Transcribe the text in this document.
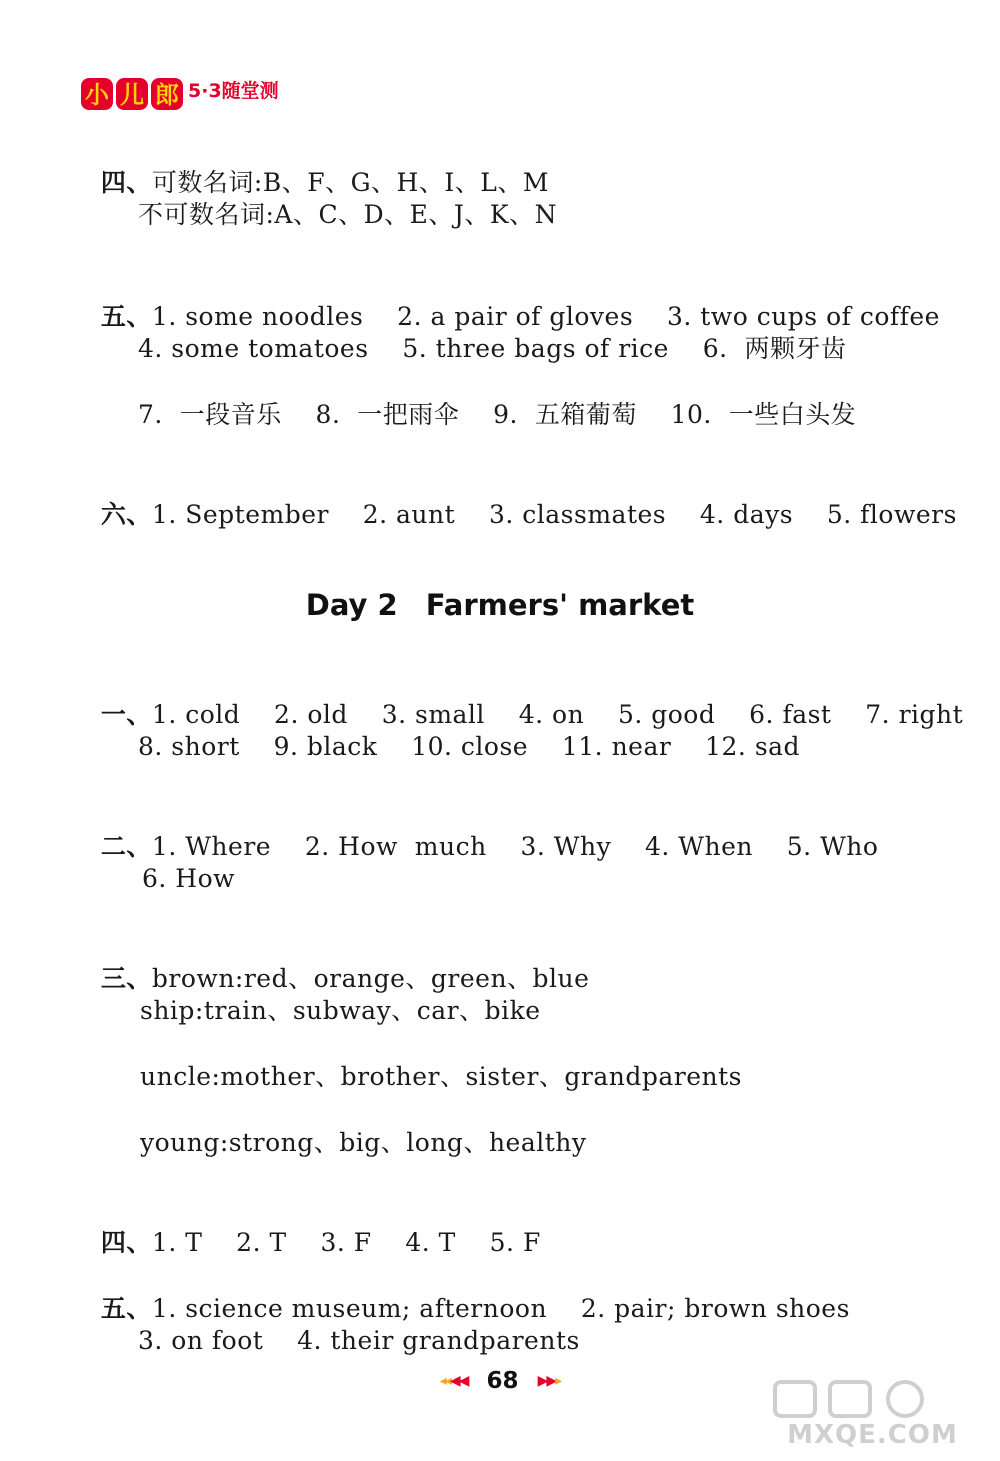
小 儿 郎 5·3随堂测

四、可数名词:B、F、G、H、I、L、M

不可数名词:A、C、D、E、J、K、N

五、1. some noodles    2. a pair of gloves    3. two cups of coffee

4. some tomatoes    5. three bags of rice    6.  两颗牙齿
7.  一段音乐    8.  一把雨伞    9.  五箱葡萄    10.  一些白头发

六、1. September    2. aunt    3. classmates    4. days    5. flowers

Day 2 Farmers' market

一、1. cold    2. old    3. small    4. on    5. good    6. fast    7. right

8. short    9. black    10. close    11. near    12. sad

二、1. Where    2. How  much    3. Why    4. When    5. Who

6. How

三、brown:red、orange、green、blue

ship:train、subway、car、bike
uncle:mother、brother、sister、grandparents
young:strong、big、long、healthy

四、1. T    2. T    3. F    4. T    5. F

五、1. science museum; afternoon    2. pair; brown shoes

3. on foot    4. their grandparents
◂◂◀◀ 68 ▶▶▸
MXQE.COM
